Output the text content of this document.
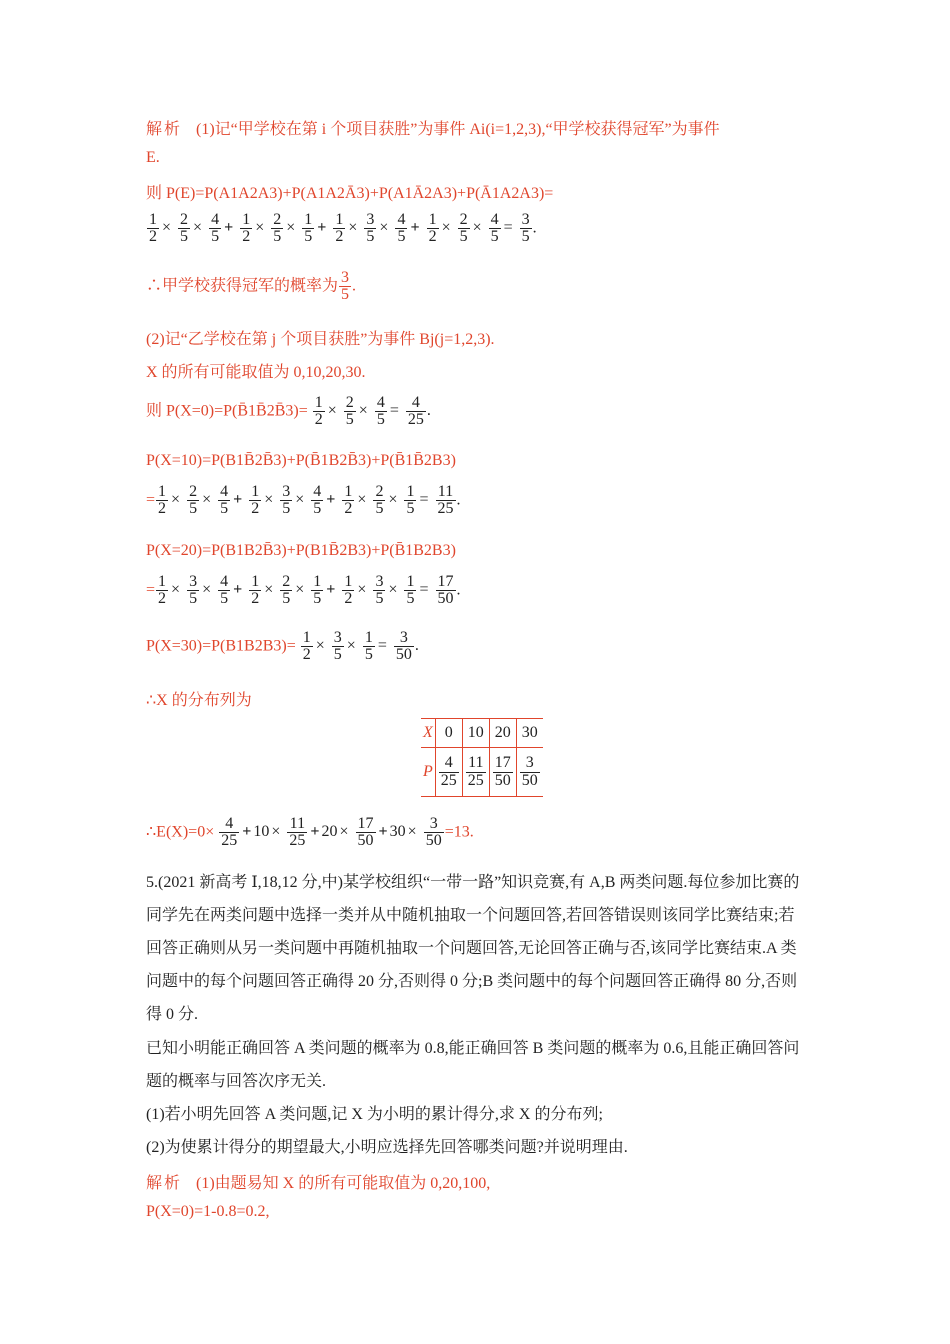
解析 (1)记“甲学校在第 i 个项目获胜”为事件 Ai(i=1,2,3),“甲学校获得冠军”为事件
E.
则 P(E)=P(A1A2A3)+P(A1A2Ā3)+P(A1Ā2A3)+P(Ā1A2A3)=
$\frac{1}{2} \times \frac{2}{5} \times \frac{4}{5} + \frac{1}{2} \times \frac{2}{5} \times \frac{1}{5} + \frac{1}{2} \times \frac{3}{5} \times \frac{4}{5} + \frac{1}{2} \times \frac{2}{5} \times \frac{4}{5} = \frac{3}{5}$ .
∴甲学校获得冠军的概率为 $\frac{3}{5}$ .
(2)记“乙学校在第 j 个项目获胜”为事件 Bj(j=1,2,3).
X 的所有可能取值为 0,10,20,30.
则 P(X=0)=P(B̄1B̄2B̄3)= $\frac{1}{2} \times \frac{2}{5} \times \frac{4}{5} = \frac{4}{25}$ .
P(X=10)=P(B1B̄2B̄3)+P(B̄1B2B̄3)+P(B̄1B̄2B3)
= $\frac{1}{2} \times \frac{2}{5} \times \frac{4}{5} + \frac{1}{2} \times \frac{3}{5} \times \frac{4}{5} + \frac{1}{2} \times \frac{2}{5} \times \frac{1}{5} = \frac{11}{25}$ .
P(X=20)=P(B1B2B̄3)+P(B1B̄2B3)+P(B̄1B2B3)
= $\frac{1}{2} \times \frac{3}{5} \times \frac{4}{5} + \frac{1}{2} \times \frac{2}{5} \times \frac{1}{5} + \frac{1}{2} \times \frac{3}{5} \times \frac{1}{5} = \frac{17}{50}$ .
$P(X=30)=P(B1B2B3)= \frac{1}{2} \times \frac{3}{5} \times \frac{1}{5} = \frac{3}{50}$ .
∴X 的分布列为
X	0	10	20	30
P	$\frac{4}{25}$	$\frac{11}{25}$	$\frac{17}{50}$	$\frac{3}{50}$
∴E(X)=0× $\frac{4}{25} + 10 \times \frac{11}{25} + 20 \times \frac{17}{50} + 30 \times \frac{3}{50} =13$.
5.(2021 新高考 Ⅰ,18,12 分,中)某学校组织“一带一路”知识竞赛,有 A,B 两类问题.每位参加比赛的同学先在两类问题中选择一类并从中随机抽取一个问题回答,若回答错误则该同学比赛结束;若回答正确则从另一类问题中再随机抽取一个问题回答,无论回答正确与否,该同学比赛结束.A 类问题中的每个问题回答正确得 20 分,否则得 0 分;B 类问题中的每个问题回答正确得 80 分,否则得 0 分.
已知小明能正确回答 A 类问题的概率为 0.8,能正确回答 B 类问题的概率为 0.6,且能正确回答问题的概率与回答次序无关.
(1)若小明先回答 A 类问题,记 X 为小明的累计得分,求 X 的分布列;
(2)为使累计得分的期望最大,小明应选择先回答哪类问题?并说明理由.
解析 (1)由题易知 X 的所有可能取值为 0,20,100,
P(X=0)=1-0.8=0.2,
